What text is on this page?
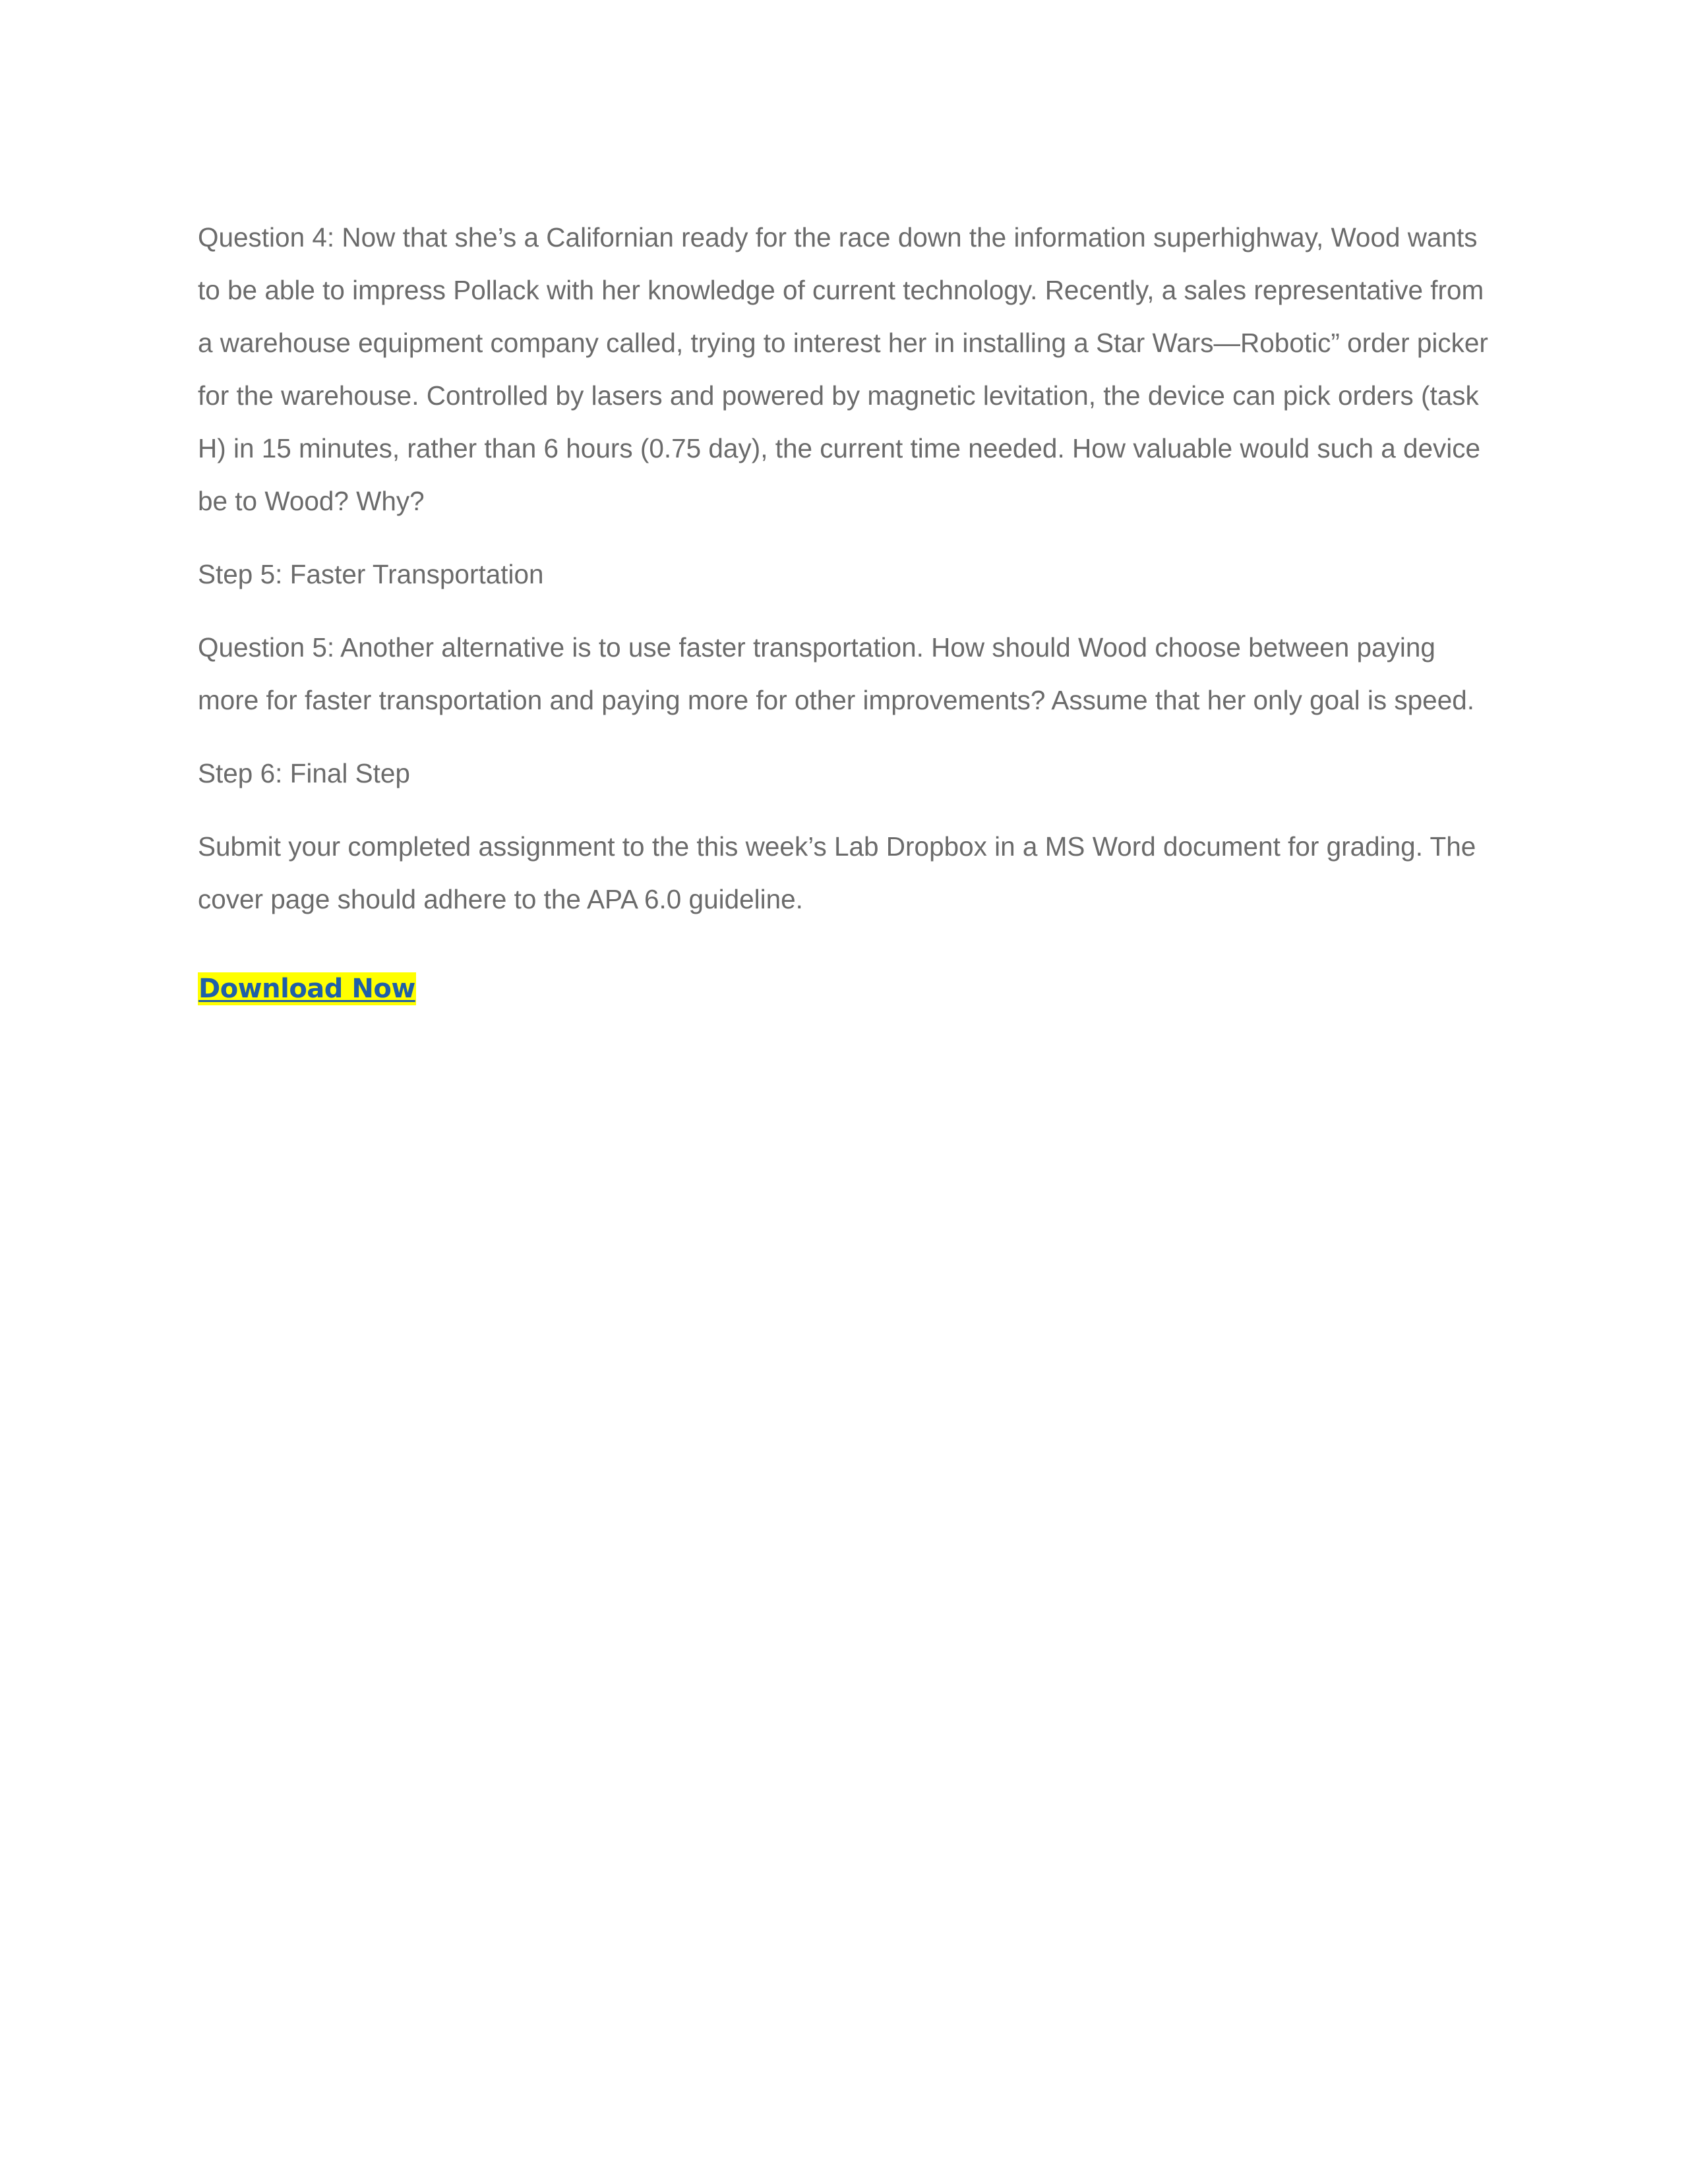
Question 4: Now that she’s a Californian ready for the race down the information superhighway, Wood wants to be able to impress Pollack with her knowledge of current technology. Recently, a sales representative from a warehouse equipment company called, trying to interest her in installing a Star Wars—Robotic” order picker for the warehouse. Controlled by lasers and powered by magnetic levitation, the device can pick orders (task H) in 15 minutes, rather than 6 hours (0.75 day), the current time needed. How valuable would such a device be to Wood? Why?

Step 5: Faster Transportation

Question 5: Another alternative is to use faster transportation. How should Wood choose between paying more for faster transportation and paying more for other improvements? Assume that her only goal is speed.

Step 6: Final Step

Submit your completed assignment to the this week’s Lab Dropbox in a MS Word document for grading. The cover page should adhere to the APA 6.0 guideline.

Download Now
